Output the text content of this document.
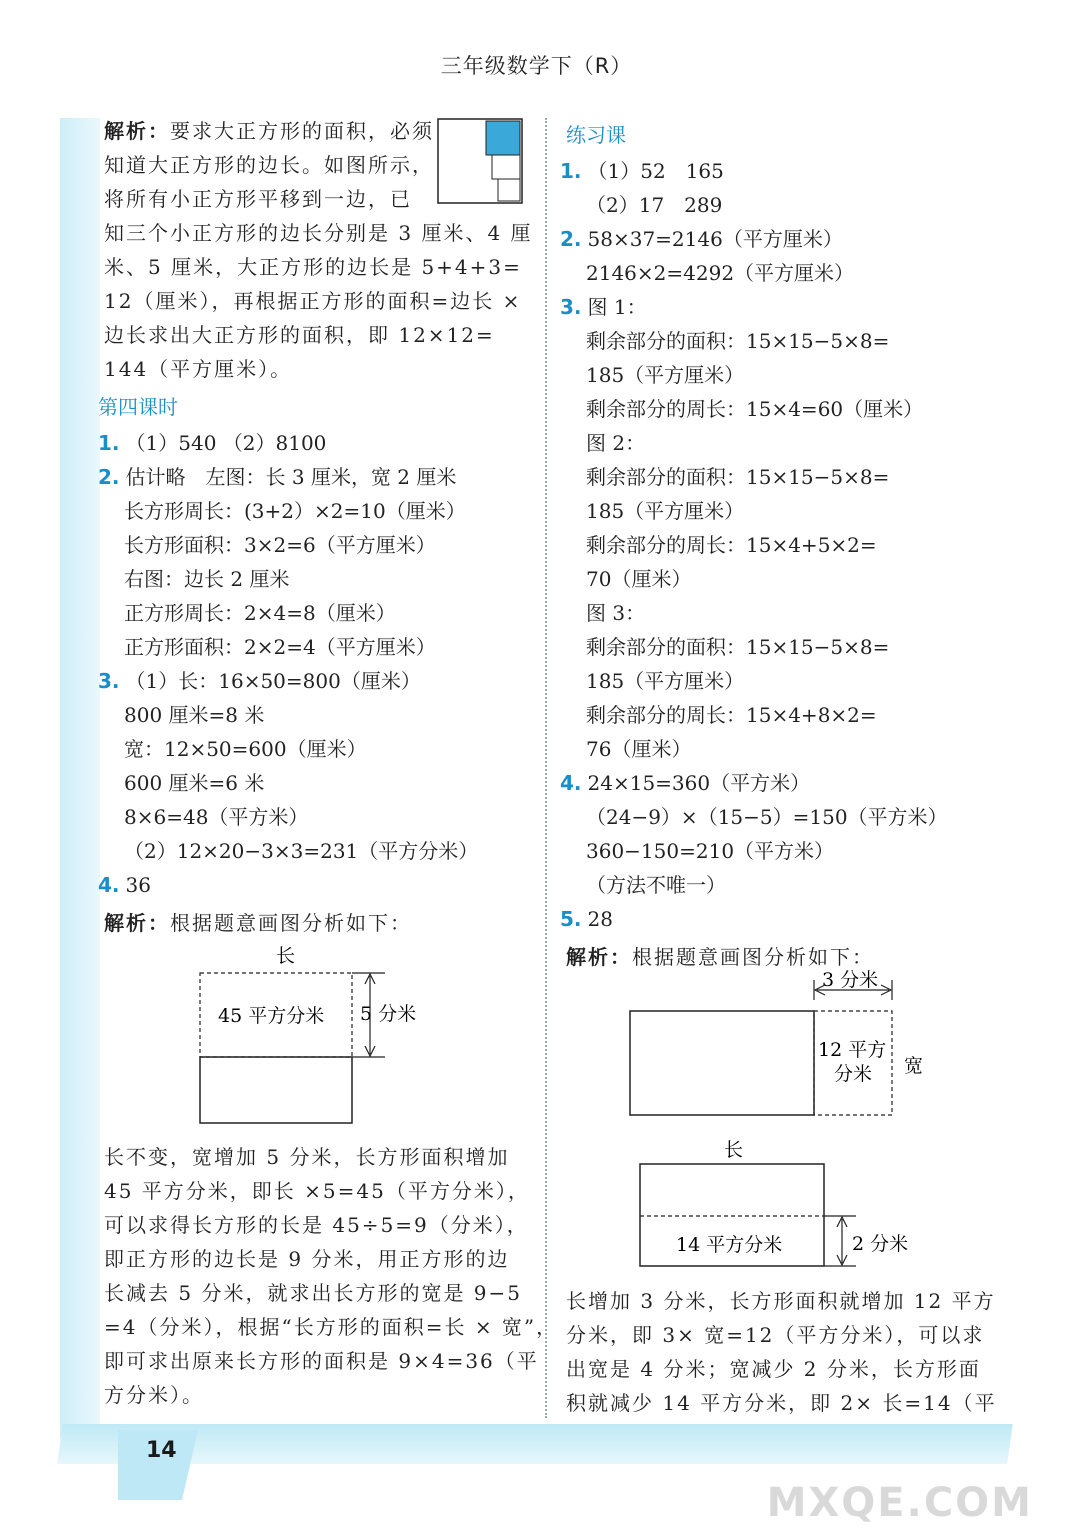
14
三年级数学下（R）
解析：要求大正方形的面积，必须
知道大正方形的边长。如图所示，
将所有小正方形平移到一边，已
知三个小正方形的边长分别是 3 厘米、4 厘
米、5 厘米，大正方形的边长是 5+4+3=
12（厘米），再根据正方形的面积=边长 ×
边长求出大正方形的面积，即 12×12=
144（平方厘米）。
第四课时
1. （1）540 （2）8100
2. 估计略　左图：长 3 厘米，宽 2 厘米
长方形周长：(3+2）×2=10（厘米）
长方形面积：3×2=6（平方厘米）
右图：边长 2 厘米
正方形周长：2×4=8（厘米）
正方形面积：2×2=4（平方厘米）
3. （1）长：16×50=800（厘米）
800 厘米=8 米
宽：12×50=600（厘米）
600 厘米=6 米
8×6=48（平方米）
（2）12×20−3×3=231（平方分米）
4. 36
解析：根据题意画图分析如下：
长
45 平方分米 5 分米
长不变，宽增加 5 分米，长方形面积增加
45 平方分米，即长 ×5=45（平方分米），
可以求得长方形的长是 45÷5=9（分米），
即正方形的边长是 9 分米，用正方形的边
长减去 5 分米，就求出长方形的宽是 9−5
=4（分米），根据“长方形的面积=长 × 宽”，
即可求出原来长方形的面积是 9×4=36（平
方分米）。
练习课
1. （1）52　165
（2）17　289
2. 58×37=2146（平方厘米）
2146×2=4292（平方厘米）
3. 图 1：
剩余部分的面积：15×15−5×8=
185（平方厘米）
剩余部分的周长：15×4=60（厘米）
图 2：
剩余部分的面积：15×15−5×8=
185（平方厘米）
剩余部分的周长：15×4+5×2=
70（厘米）
图 3：
剩余部分的面积：15×15−5×8=
185（平方厘米）
剩余部分的周长：15×4+8×2=
76（厘米）
4. 24×15=360（平方米）
（24−9）×（15−5）=150（平方米）
360−150=210（平方米）
（方法不唯一）
5. 28
解析：根据题意画图分析如下：
3 分米
12 平方
分米 宽
长
14 平方分米	2 分米
长增加 3 分米，长方形面积就增加 12 平方
分米，即 3× 宽=12（平方分米），可以求
出宽是 4 分米；宽减少 2 分米，长方形面
积就减少 14 平方分米，即 2× 长=14（平
MXQE.COM
